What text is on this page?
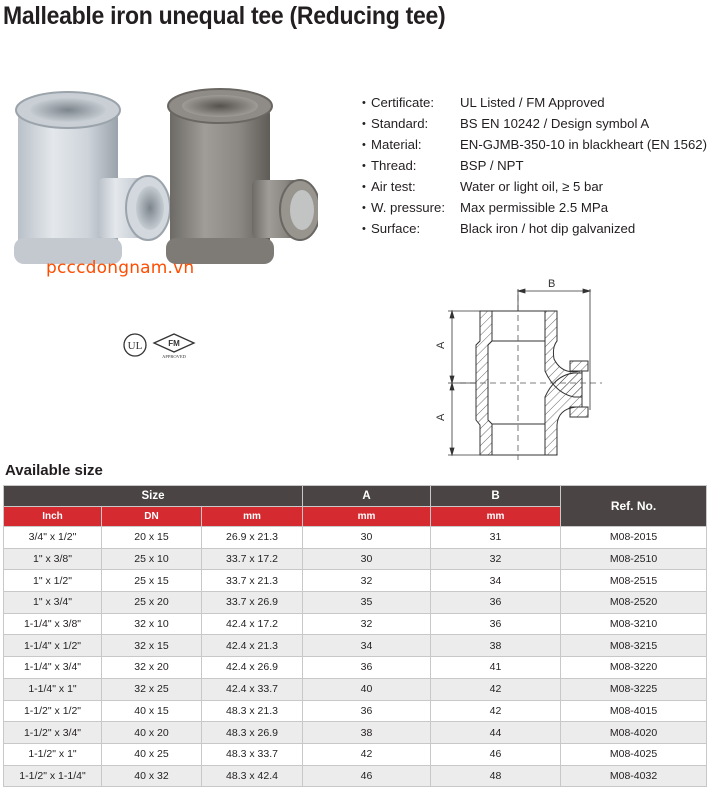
Malleable iron unequal tee (Reducing tee)
pcccdongnam.vn
UL	FM
APPROVED
• Certificate:	UL Listed / FM Approved
• Standard:	BS EN 10242 / Design symbol A
• Material:	EN-GJMB-350-10 in blackheart (EN 1562)
• Thread:	BSP / NPT
• Air test:	Water or light oil, ≥ 5 bar
• W. pressure:	Max permissible 2.5 MPa
• Surface:	Black iron / hot dip galvanized
B
A
A
Available size
Size			A	B	Ref. No.
Inch	DN	mm	mm	mm	
3/4" x 1/2"	20 x 15	26.9 x 21.3	30	31	M08-2015
1" x 3/8"	25 x 10	33.7 x 17.2	30	32	M08-2510
1" x 1/2"	25 x 15	33.7 x 21.3	32	34	M08-2515
1" x 3/4"	25 x 20	33.7 x 26.9	35	36	M08-2520
1-1/4" x 3/8"	32 x 10	42.4 x 17.2	32	36	M08-3210
1-1/4" x 1/2"	32 x 15	42.4 x 21.3	34	38	M08-3215
1-1/4" x 3/4"	32 x 20	42.4 x 26.9	36	41	M08-3220
1-1/4" x 1"	32 x 25	42.4 x 33.7	40	42	M08-3225
1-1/2" x 1/2"	40 x 15	48.3 x 21.3	36	42	M08-4015
1-1/2" x 3/4"	40 x 20	48.3 x 26.9	38	44	M08-4020
1-1/2" x 1"	40 x 25	48.3 x 33.7	42	46	M08-4025
1-1/2" x 1-1/4"	40 x 32	48.3 x 42.4	46	48	M08-4032
